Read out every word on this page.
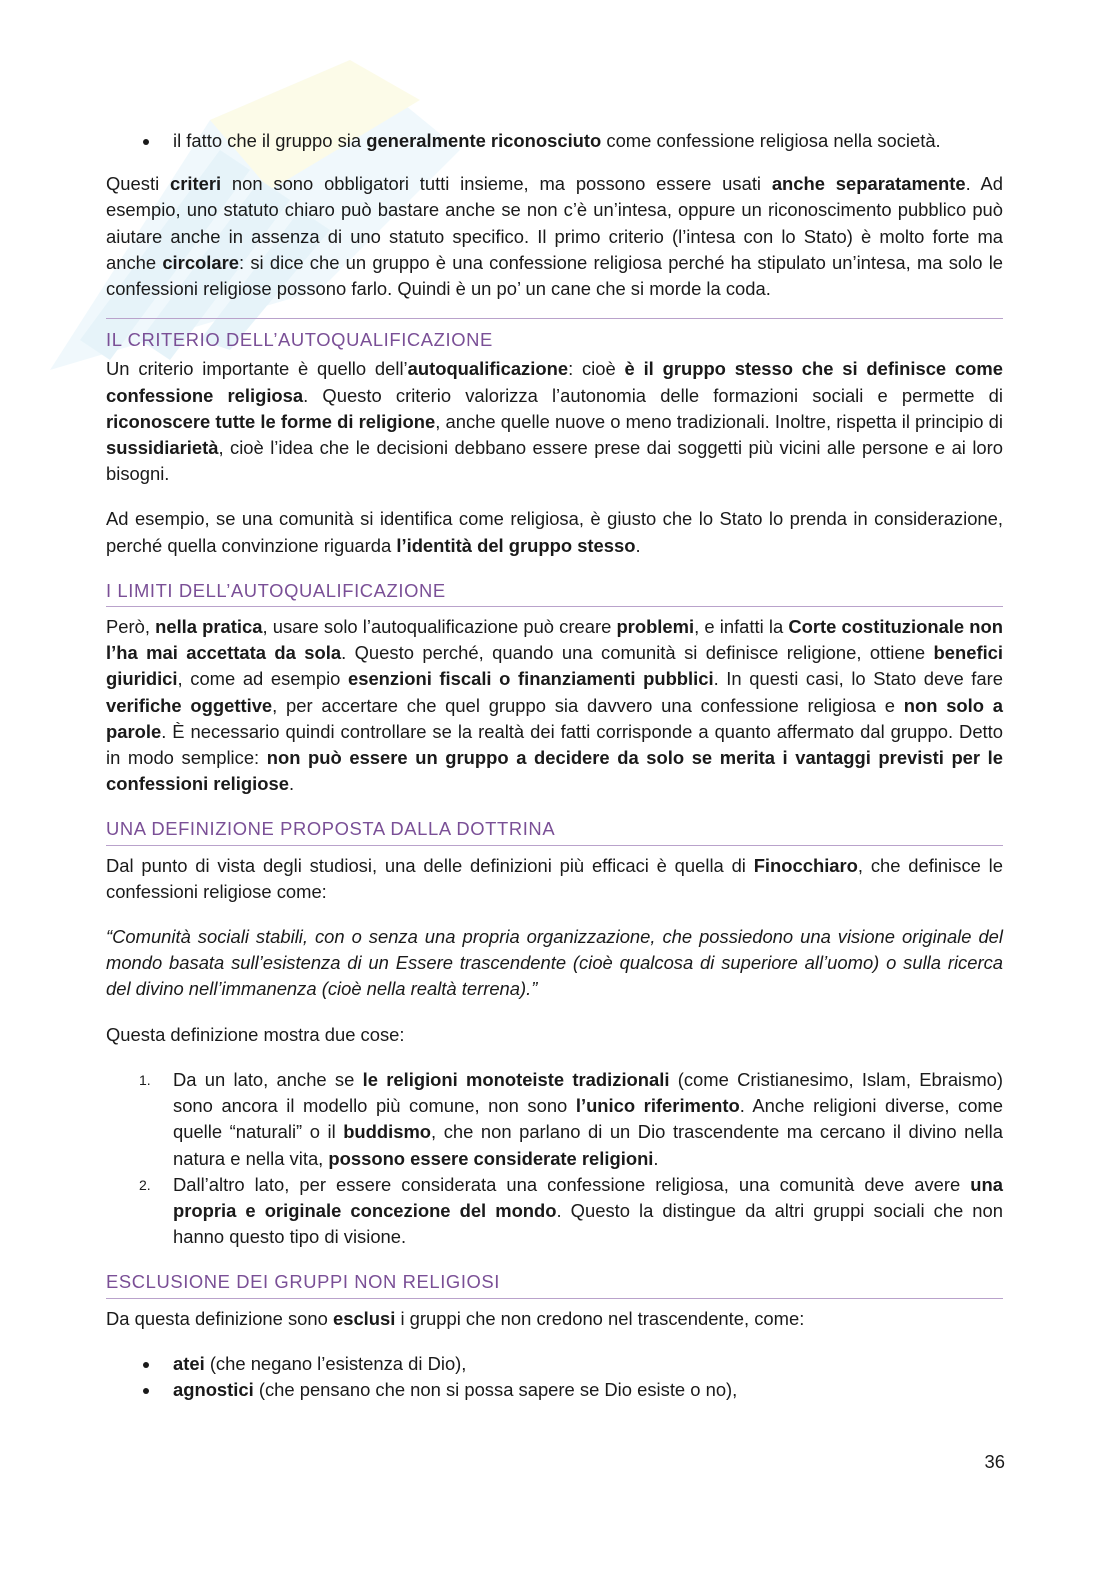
il fatto che il gruppo sia generalmente riconosciuto come confessione religiosa nella società.

Questi criteri non sono obbligatori tutti insieme, ma possono essere usati anche separatamente. Ad esempio, uno statuto chiaro può bastare anche se non c’è un’intesa, oppure un riconoscimento pubblico può aiutare anche in assenza di uno statuto specifico. Il primo criterio (l’intesa con lo Stato) è molto forte ma anche circolare: si dice che un gruppo è una confessione religiosa perché ha stipulato un’intesa, ma solo le confessioni religiose possono farlo. Quindi è un po’ un cane che si morde la coda.

IL CRITERIO DELL’AUTOQUALIFICAZIONE

Un criterio importante è quello dell’autoqualificazione: cioè è il gruppo stesso che si definisce come confessione religiosa. Questo criterio valorizza l’autonomia delle formazioni sociali e permette di riconoscere tutte le forme di religione, anche quelle nuove o meno tradizionali. Inoltre, rispetta il principio di sussidiarietà, cioè l’idea che le decisioni debbano essere prese dai soggetti più vicini alle persone e ai loro bisogni.

Ad esempio, se una comunità si identifica come religiosa, è giusto che lo Stato lo prenda in considerazione, perché quella convinzione riguarda l’identità del gruppo stesso.

I LIMITI DELL’AUTOQUALIFICAZIONE

Però, nella pratica, usare solo l’autoqualificazione può creare problemi, e infatti la Corte costituzionale non l’ha mai accettata da sola. Questo perché, quando una comunità si definisce religione, ottiene benefici giuridici, come ad esempio esenzioni fiscali o finanziamenti pubblici. In questi casi, lo Stato deve fare verifiche oggettive, per accertare che quel gruppo sia davvero una confessione religiosa e non solo a parole. È necessario quindi controllare se la realtà dei fatti corrisponde a quanto affermato dal gruppo. Detto in modo semplice: non può essere un gruppo a decidere da solo se merita i vantaggi previsti per le confessioni religiose.

UNA DEFINIZIONE PROPOSTA DALLA DOTTRINA

Dal punto di vista degli studiosi, una delle definizioni più efficaci è quella di Finocchiaro, che definisce le confessioni religiose come:

“Comunità sociali stabili, con o senza una propria organizzazione, che possiedono una visione originale del mondo basata sull’esistenza di un Essere trascendente (cioè qualcosa di superiore all’uomo) o sulla ricerca del divino nell’immanenza (cioè nella realtà terrena).”

Questa definizione mostra due cose:

1. Da un lato, anche se le religioni monoteiste tradizionali (come Cristianesimo, Islam, Ebraismo) sono ancora il modello più comune, non sono l’unico riferimento. Anche religioni diverse, come quelle “naturali” o il buddismo, che non parlano di un Dio trascendente ma cercano il divino nella natura e nella vita, possono essere considerate religioni.
2. Dall’altro lato, per essere considerata una confessione religiosa, una comunità deve avere una propria e originale concezione del mondo. Questo la distingue da altri gruppi sociali che non hanno questo tipo di visione.
ESCLUSIONE DEI GRUPPI NON RELIGIOSI

Da questa definizione sono esclusi i gruppi che non credono nel trascendente, come:

atei (che negano l’esistenza di Dio),
agnostici (che pensano che non si possa sapere se Dio esiste o no),
36
